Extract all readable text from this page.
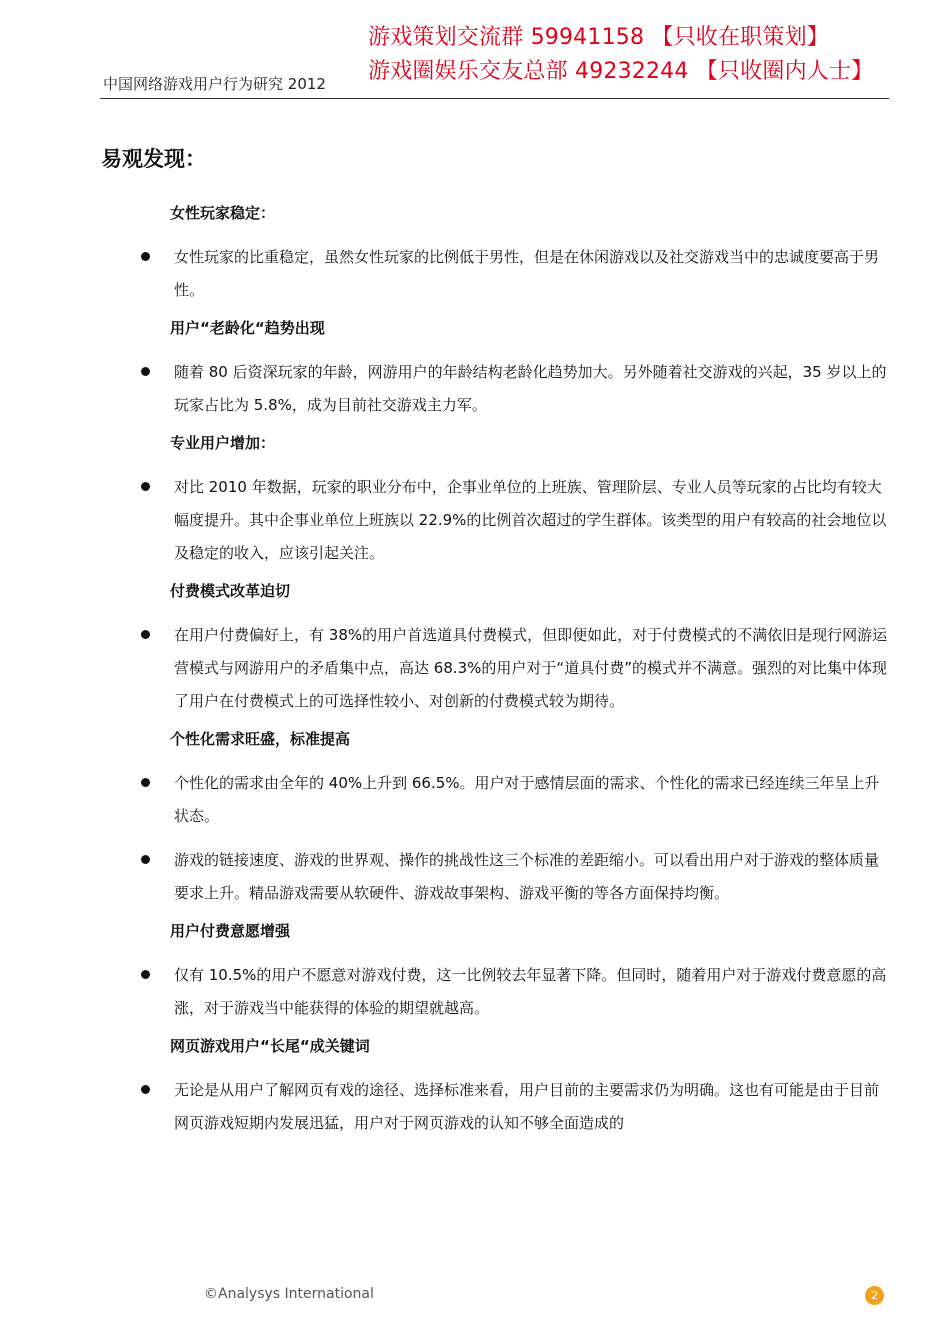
中国网络游戏用户行为研究 2012
游戏策划交流群 59941158 【只收在职策划】
游戏圈娱乐交友总部 49232244 【只收圈内人士】
易观发现：
女性玩家稳定：
女性玩家的比重稳定，虽然女性玩家的比例低于男性，但是在休闲游戏以及社交游戏当中的忠诚度要高于男性。
用户“老龄化“趋势出现
随着 80 后资深玩家的年龄，网游用户的年龄结构老龄化趋势加大。另外随着社交游戏的兴起，35 岁以上的玩家占比为 5.8%，成为目前社交游戏主力军。
专业用户增加：
对比 2010 年数据，玩家的职业分布中，企事业单位的上班族、管理阶层、专业人员等玩家的占比均有较大幅度提升。其中企事业单位上班族以 22.9%的比例首次超过的学生群体。该类型的用户有较高的社会地位以及稳定的收入，应该引起关注。
付费模式改革迫切
在用户付费偏好上，有 38%的用户首选道具付费模式，但即便如此，对于付费模式的不满依旧是现行网游运营模式与网游用户的矛盾集中点，高达 68.3%的用户对于“道具付费”的模式并不满意。强烈的对比集中体现了用户在付费模式上的可选择性较小、对创新的付费模式较为期待。
个性化需求旺盛，标准提高
个性化的需求由全年的 40%上升到 66.5%。用户对于感情层面的需求、个性化的需求已经连续三年呈上升状态。
游戏的链接速度、游戏的世界观、操作的挑战性这三个标准的差距缩小。可以看出用户对于游戏的整体质量要求上升。精品游戏需要从软硬件、游戏故事架构、游戏平衡的等各方面保持均衡。
用户付费意愿增强
仅有 10.5%的用户不愿意对游戏付费，这一比例较去年显著下降。但同时，随着用户对于游戏付费意愿的高涨，对于游戏当中能获得的体验的期望就越高。
网页游戏用户“长尾“成关键词
无论是从用户了解网页有戏的途径、选择标准来看，用户目前的主要需求仍为明确。这也有可能是由于目前网页游戏短期内发展迅猛，用户对于网页游戏的认知不够全面造成的
©Analysys International	2
